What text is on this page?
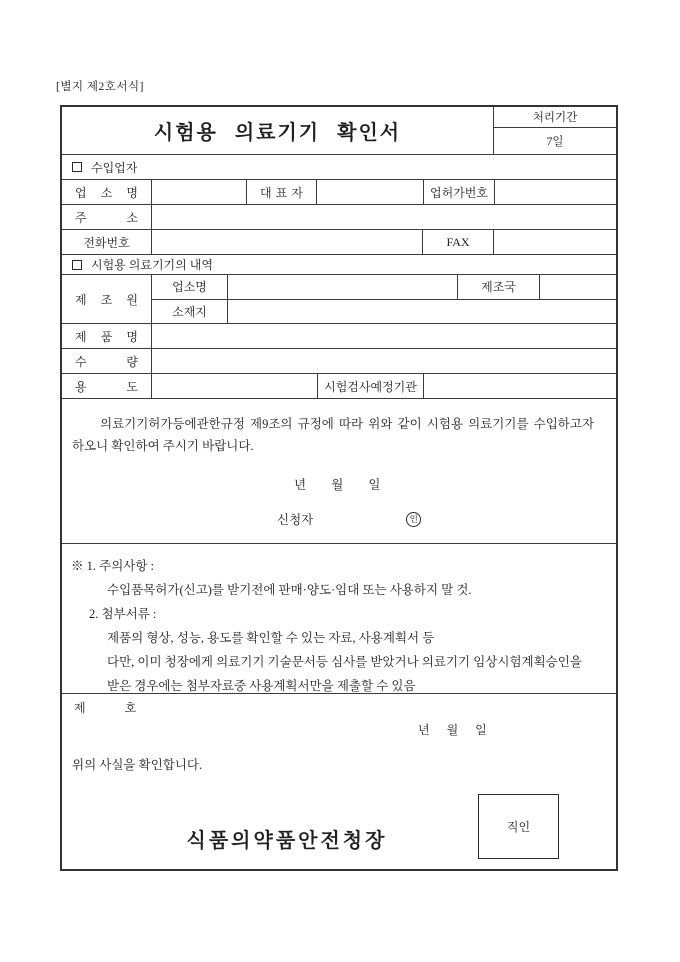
[별지 제2호서식]
시험용 의료기기 확인서
처리기간
7일
수입업자
업 소 명	대 표 자	업허가번호
주 소
전화번호	FAX
시험용 의료기기의 내역
제 조 원
업소명	제조국
소재지
제 품 명
수 량
용 도	시험검사예정기관
의료기기허가등에관한규정 제9조의 규정에 따라 위와 같이 시험용 의료기기를 수입하고자
하오니 확인하여 주시기 바랍니다.
년 월 일
신청자	인
※ 1. 주의사항 :
수입품목허가(신고)를 받기전에 판매·양도·임대 또는 사용하지 말 것.
2. 첨부서류 :
제품의 형상, 성능, 용도를 확인할 수 있는 자료, 사용계획서 등
다만, 이미 청장에게 의료기기 기술문서등 심사를 받았거나 의료기기 임상시험계획승인을
받은 경우에는 첨부자료중 사용계획서만을 제출할 수 있음
제 호
년 월 일
위의 사실을 확인합니다.
식품의약품안전청장
직인
